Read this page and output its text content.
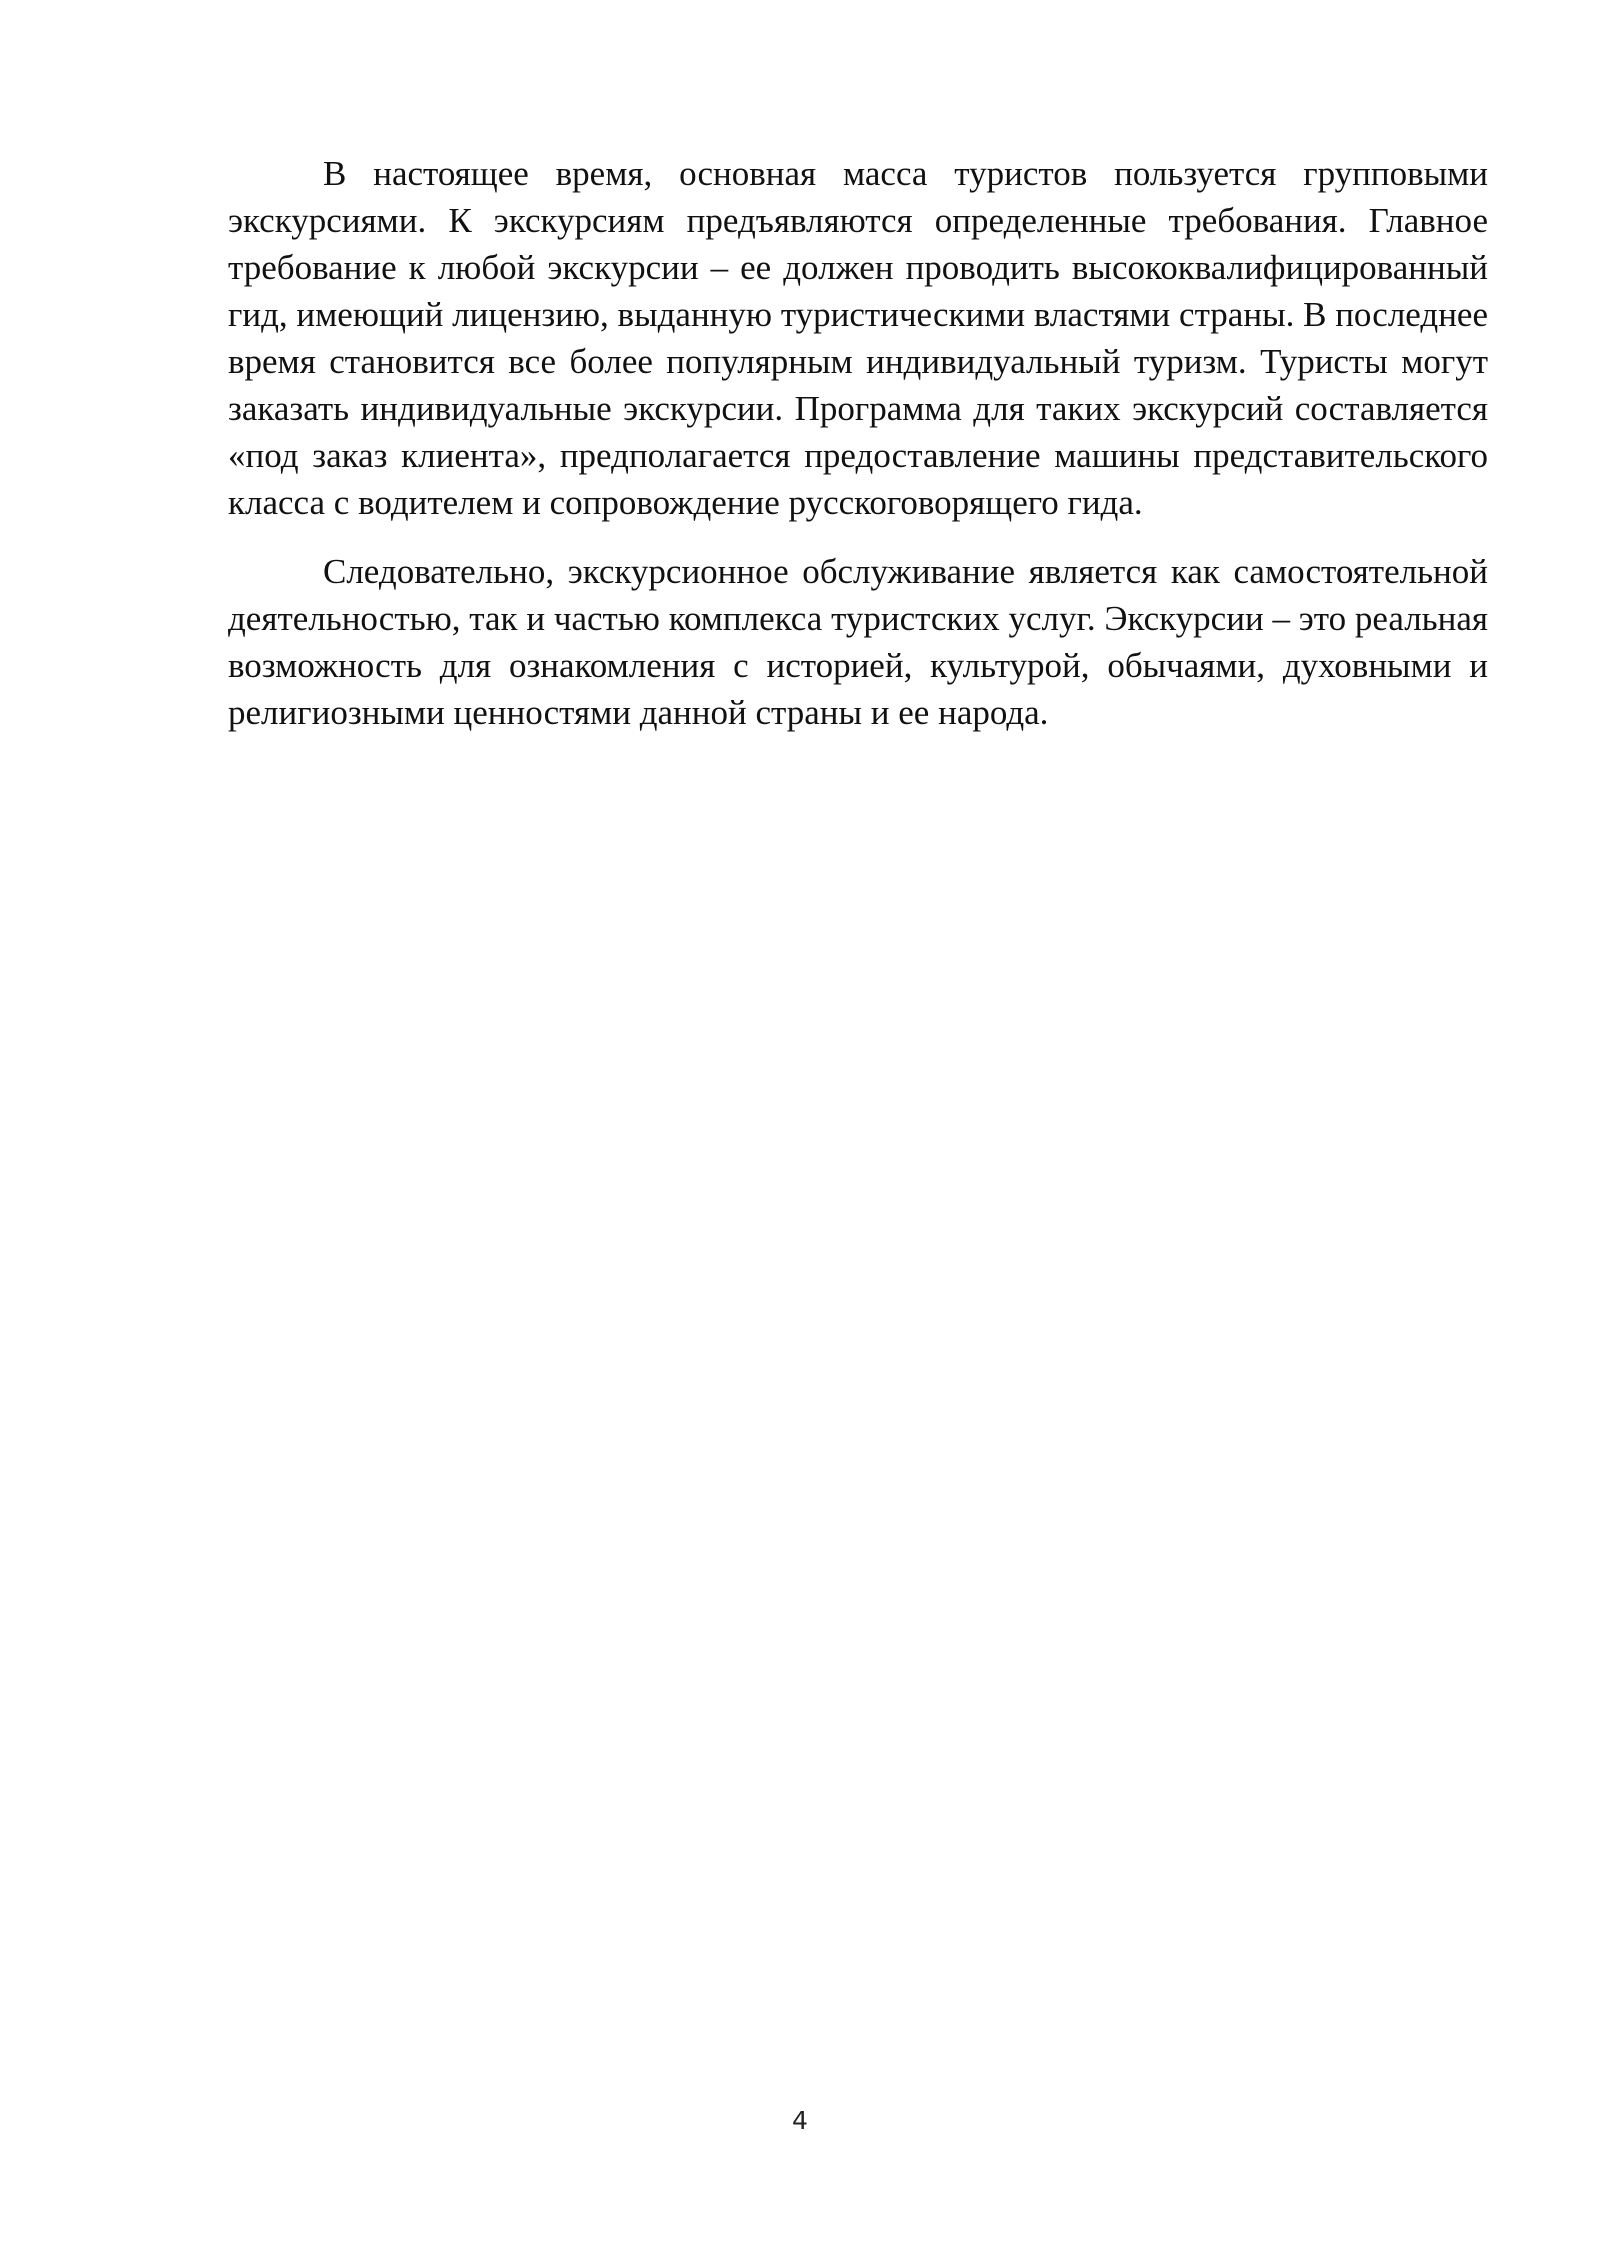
В настоящее время, основная масса туристов пользуется групповыми экскурсиями. К экскурсиям предъявляются определенные требования. Главное требование к любой экскурсии – ее должен проводить высококвалифицированный гид, имеющий лицензию, выданную туристическими властями страны. В последнее время становится все более популярным индивидуальный туризм. Туристы могут заказать индивидуальные экскурсии. Программа для таких экскурсий составляется «под заказ клиента», предполагается предоставление машины представительского класса с водителем и сопровождение русскоговорящего гида.

Следовательно, экскурсионное обслуживание является как самостоятельной деятельностью, так и частью комплекса туристских услуг. Экскурсии – это реальная возможность для ознакомления с историей, культурой, обычаями, духовными и религиозными ценностями данной страны и ее народа.

4
